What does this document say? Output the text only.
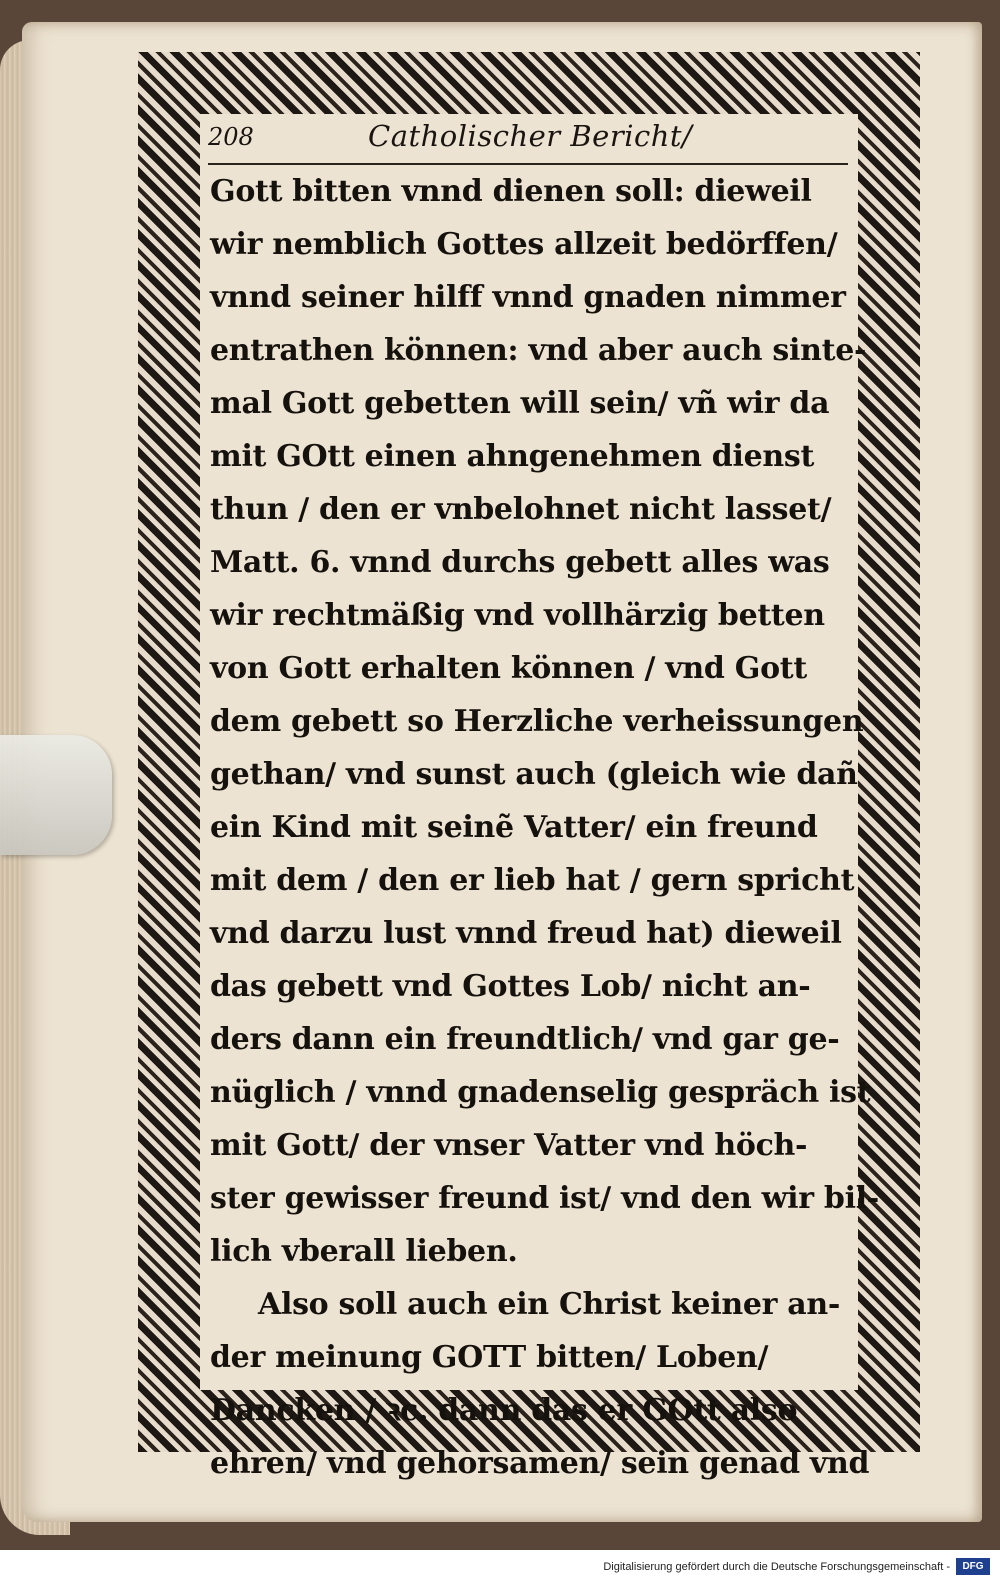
208	Catholischer Bericht/
Gott bitten vnnd dienen soll: dieweil
wir nemblich Gottes allzeit bedörffen/
vnnd seiner hilff vnnd gnaden nimmer
entrathen können: vnd aber auch sinte-
mal Gott gebetten will sein/ vñ wir da
mit GOtt einen ahngenehmen dienst
thun / den er vnbelohnet nicht lasset/
Matt. 6. vnnd durchs gebett alles was
wir rechtmäßig vnd vollhärzig betten
von Gott erhalten können / vnd Gott
dem gebett so Herzliche verheissungen
gethan/ vnd sunst auch (gleich wie dañ
ein Kind mit seinẽ Vatter/ ein freund
mit dem / den er lieb hat / gern spricht
vnd darzu lust vnnd freud hat) dieweil
das gebett vnd Gottes Lob/ nicht an-
ders dann ein freundtlich/ vnd gar ge-
nüglich / vnnd gnadenselig gespräch ist
mit Gott/ der vnser Vatter vnd höch-
ster gewisser freund ist/ vnd den wir bil-
lich vberall lieben.
Also soll auch ein Christ keiner an-
der meinung GOTT bitten/ Loben/
Dancken / ꝛc. dann das er GOtt also
ehren/ vnd gehorsamen/ sein genad vnd
Digitalisierung gefördert durch die Deutsche Forschungsgemeinschaft -	DFG
